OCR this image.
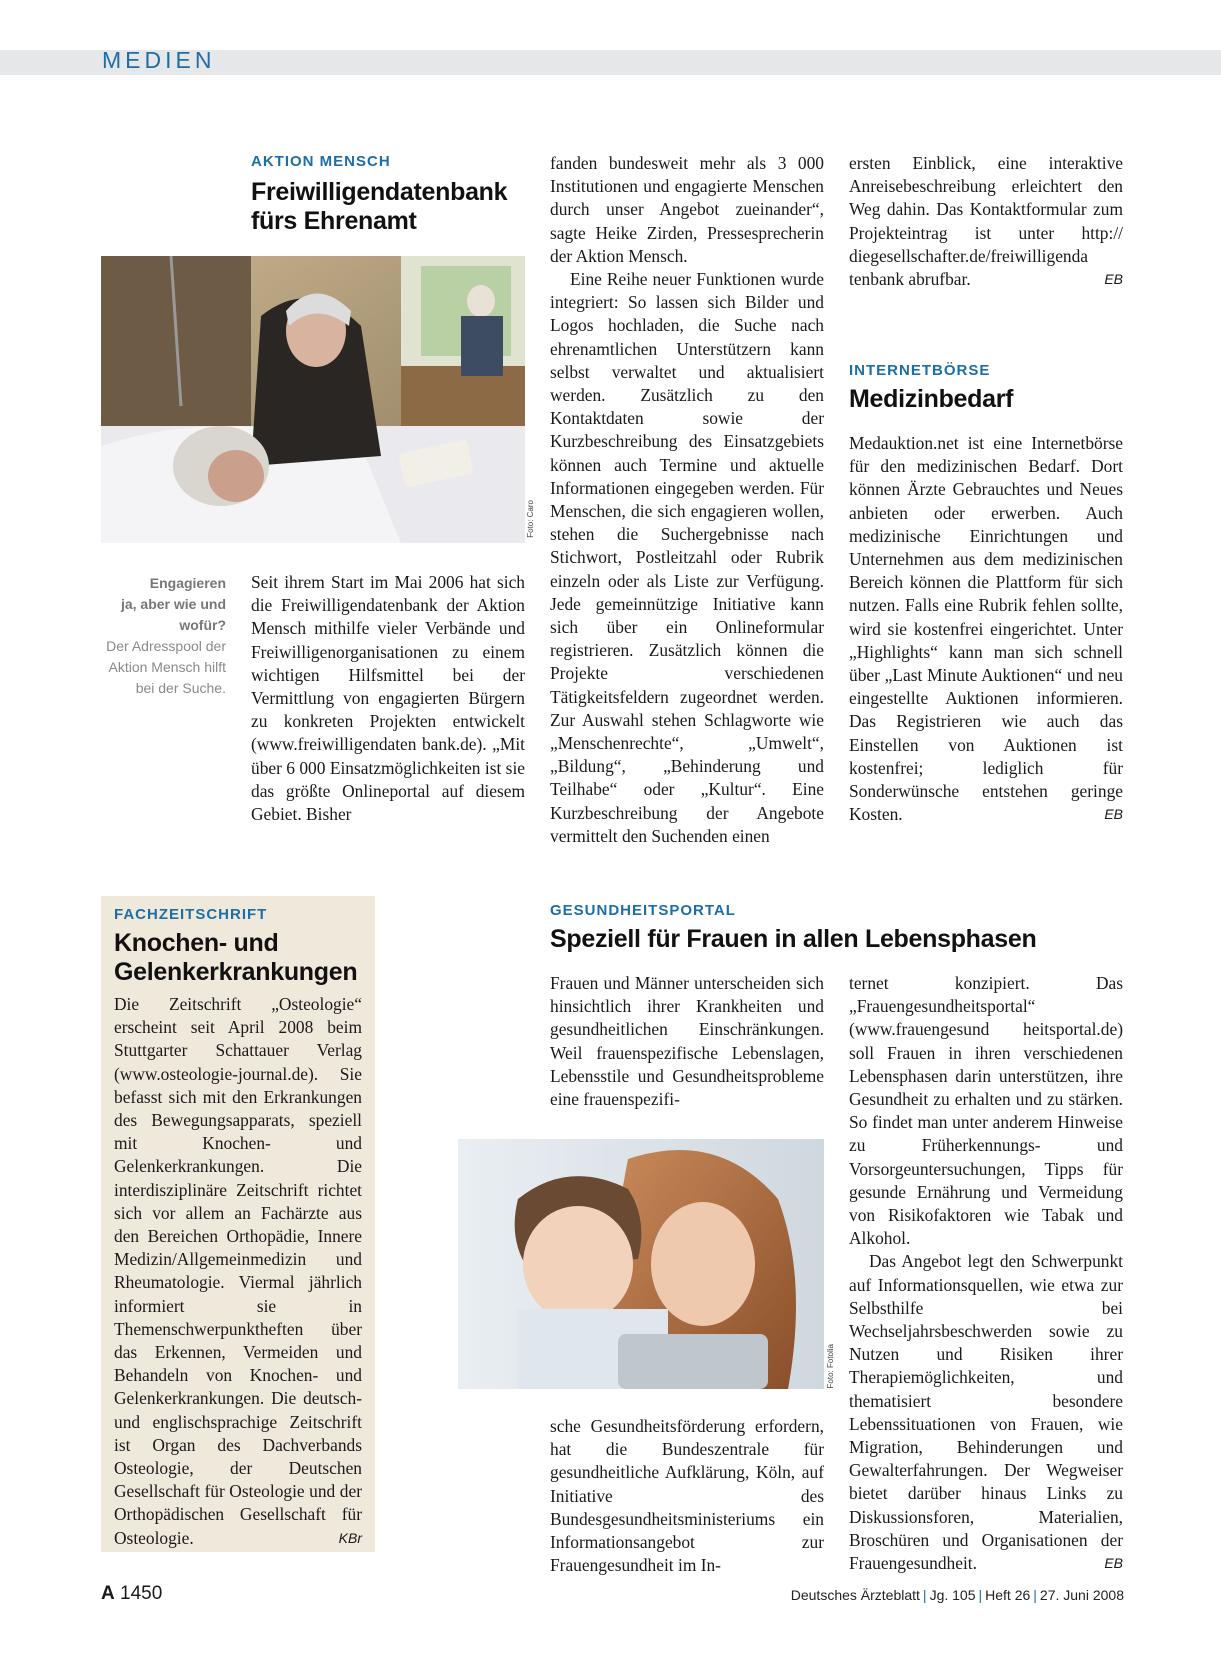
MEDIEN
AKTION MENSCH
Freiwilligendatenbank
fürs Ehrenamt
Foto: Caro
Engagieren
ja, aber wie und
wofür?
Der Adresspool der
Aktion Mensch hilft
bei der Suche.

Seit ihrem Start im Mai 2006 hat sich die Freiwilligendatenbank der Aktion Mensch mithilfe vieler Verbände und Freiwilligenorganisationen zu einem wichtigen Hilfsmittel bei der Vermittlung von engagierten Bürgern zu konkreten Projekten entwickelt (www.freiwilligendaten bank.de). „Mit über 6 000 Einsatzmöglichkeiten ist sie das größte Onlineportal auf diesem Gebiet. Bisher

fanden bundesweit mehr als 3 000 Institutionen und engagierte Menschen durch unser Angebot zueinander“, sagte Heike Zirden, Pressesprecherin der Aktion Mensch.

Eine Reihe neuer Funktionen wurde integriert: So lassen sich Bilder und Logos hochladen, die Suche nach ehrenamtlichen Unterstützern kann selbst verwaltet und aktualisiert werden. Zusätzlich zu den Kontaktdaten sowie der Kurzbeschreibung des Einsatzgebiets können auch Termine und aktuelle Informationen eingegeben werden. Für Menschen, die sich engagieren wollen, stehen die Suchergebnisse nach Stichwort, Postleitzahl oder Rubrik einzeln oder als Liste zur Verfügung. Jede gemeinnützige Initiative kann sich über ein Onlineformular registrieren. Zusätzlich können die Projekte verschiedenen Tätigkeitsfeldern zugeordnet werden. Zur Auswahl stehen Schlagworte wie „Menschenrechte“, „Umwelt“, „Bildung“, „Behinderung und Teilhabe“ oder „Kultur“. Eine Kurzbeschreibung der Angebote vermittelt den Suchenden einen

ersten Einblick, eine interaktive Anreisebeschreibung erleichtert den Weg dahin. Das Kontaktformular zum Projekteintrag ist unter http:// diegesellschafter.de/freiwilligenda tenbank abrufbar.	EB

INTERNETBÖRSE
Medizinbedarf

Medauktion.net ist eine Internetbörse für den medizinischen Bedarf. Dort können Ärzte Gebrauchtes und Neues anbieten oder erwerben. Auch medizinische Einrichtungen und Unternehmen aus dem medizinischen Bereich können die Plattform für sich nutzen. Falls eine Rubrik fehlen sollte, wird sie kostenfrei eingerichtet. Unter „Highlights“ kann man sich schnell über „Last Minute Auktionen“ und neu eingestellte Auktionen informieren. Das Registrieren wie auch das Einstellen von Auktionen ist kostenfrei; lediglich für Sonderwünsche entstehen geringe Kosten.	EB

FACHZEITSCHRIFT
Knochen- und
Gelenkerkrankungen

Die Zeitschrift „Osteologie“ erscheint seit April 2008 beim Stuttgarter Schattauer Verlag (www.osteologie-journal.de). Sie befasst sich mit den Erkrankungen des Bewegungsapparats, speziell mit Knochen- und Gelenkerkrankungen. Die interdisziplinäre Zeitschrift richtet sich vor allem an Fachärzte aus den Bereichen Orthopädie, Innere Medizin/Allgemeinmedizin und Rheumatologie. Viermal jährlich informiert sie in Themenschwerpunktheften über das Erkennen, Vermeiden und Behandeln von Knochen- und Gelenkerkrankungen. Die deutsch- und englischsprachige Zeitschrift ist Organ des Dachverbands Osteologie, der Deutschen Gesellschaft für Osteologie und der Orthopädischen Gesellschaft für Osteologie.	KBr

GESUNDHEITSPORTAL
Speziell für Frauen in allen Lebensphasen

Frauen und Männer unterscheiden sich hinsichtlich ihrer Krankheiten und gesundheitlichen Einschränkungen. Weil frauenspezifische Lebenslagen, Lebensstile und Gesundheitsprobleme eine frauenspezifi-

Foto: Fotolia

sche Gesundheitsförderung erfordern, hat die Bundeszentrale für gesundheitliche Aufklärung, Köln, auf Initiative des Bundesgesundheitsministeriums ein Informationsangebot zur Frauengesundheit im In-

ternet konzipiert. Das „Frauengesundheitsportal“ (www.frauengesund heitsportal.de) soll Frauen in ihren verschiedenen Lebensphasen darin unterstützen, ihre Gesundheit zu erhalten und zu stärken. So findet man unter anderem Hinweise zu Früherkennungs- und Vorsorgeuntersuchungen, Tipps für gesunde Ernährung und Vermeidung von Risikofaktoren wie Tabak und Alkohol.

Das Angebot legt den Schwerpunkt auf Informationsquellen, wie etwa zur Selbsthilfe bei Wechseljahrsbeschwerden sowie zu Nutzen und Risiken ihrer Therapiemöglichkeiten, und thematisiert besondere Lebenssituationen von Frauen, wie Migration, Behinderungen und Gewalterfahrungen. Der Wegweiser bietet darüber hinaus Links zu Diskussionsforen, Materialien, Broschüren und Organisationen der Frauengesundheit.	EB

A 1450	Deutsches Ärzteblatt | Jg. 105 | Heft 26 | 27. Juni 2008
